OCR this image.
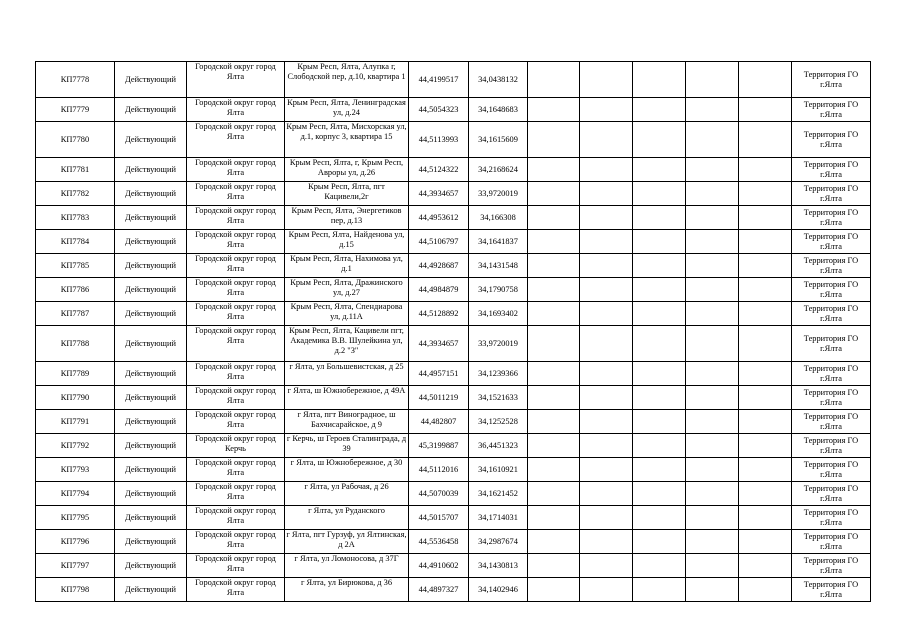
КП7778	Действующий	Городской округ город Ялта	Крым Респ, Ялта, Алупка г, Слободской пер, д.10, квартира 1	44,4199517	34,0438132						Территория ГО г.Ялта
КП7779	Действующий	Городской округ город Ялта	Крым Респ, Ялта, Ленинградская ул, д.24	44,5054323	34,1648683						Территория ГО г.Ялта
КП7780	Действующий	Городской округ город Ялта	Крым Респ, Ялта, Мисхорская ул, д.1, корпус 3, квартира 15	44,5113993	34,1615609						Территория ГО г.Ялта
КП7781	Действующий	Городской округ город Ялта	Крым Респ, Ялта, г, Крым Респ, Авроры ул, д.26	44,5124322	34,2168624						Территория ГО г.Ялта
КП7782	Действующий	Городской округ город Ялта	Крым Респ, Ялта, пгт Кацивели,2г	44,3934657	33,9720019						Территория ГО г.Ялта
КП7783	Действующий	Городской округ город Ялта	Крым Респ, Ялта, Энергетиков пер, д.13	44,4953612	34,166308						Территория ГО г.Ялта
КП7784	Действующий	Городской округ город Ялта	Крым Респ, Ялта, Найденова ул, д.15	44,5106797	34,1641837						Территория ГО г.Ялта
КП7785	Действующий	Городской округ город Ялта	Крым Респ, Ялта, Нахимова ул, д.1	44,4928687	34,1431548						Территория ГО г.Ялта
КП7786	Действующий	Городской округ город Ялта	Крым Респ, Ялта, Дражинского ул, д.27	44,4984879	34,1790758						Территория ГО г.Ялта
КП7787	Действующий	Городской округ город Ялта	Крым Респ, Ялта, Спендиарова ул, д.11А	44,5128892	34,1693402						Территория ГО г.Ялта
КП7788	Действующий	Городской округ город Ялта	Крым Респ, Ялта, Кацивели пгт, Академика В.В. Шулейкина ул, д.2 "З"	44,3934657	33,9720019						Территория ГО г.Ялта
КП7789	Действующий	Городской округ город Ялта	г Ялта, ул Большевистская, д 25	44,4957151	34,1239366						Территория ГО г.Ялта
КП7790	Действующий	Городской округ город Ялта	г Ялта, ш Южнобережное, д 49А	44,5011219	34,1521633						Территория ГО г.Ялта
КП7791	Действующий	Городской округ город Ялта	г Ялта, пгт Виноградное, ш Бахчисарайское, д 9	44,482807	34,1252528						Территория ГО г.Ялта
КП7792	Действующий	Городской округ город Керчь	г Керчь, ш Героев Сталинграда, д 39	45,3199887	36,4451323						Территория ГО г.Ялта
КП7793	Действующий	Городской округ город Ялта	г Ялта, ш Южнобережное, д 30	44,5112016	34,1610921						Территория ГО г.Ялта
КП7794	Действующий	Городской округ город Ялта	г Ялта, ул Рабочая, д 26	44,5070039	34,1621452						Территория ГО г.Ялта
КП7795	Действующий	Городской округ город Ялта	г Ялта, ул Руданского	44,5015707	34,1714031						Территория ГО г.Ялта
КП7796	Действующий	Городской округ город Ялта	г Ялта, пгт Гурзуф, ул Ялтинская, д 2А	44,5536458	34,2987674						Территория ГО г.Ялта
КП7797	Действующий	Городской округ город Ялта	г Ялта, ул Ломоносова, д 37Г	44,4910602	34,1430813						Территория ГО г.Ялта
КП7798	Действующий	Городской округ город Ялта	г Ялта, ул Бирюкова, д 36	44,4897327	34,1402946						Территория ГО г.Ялта
